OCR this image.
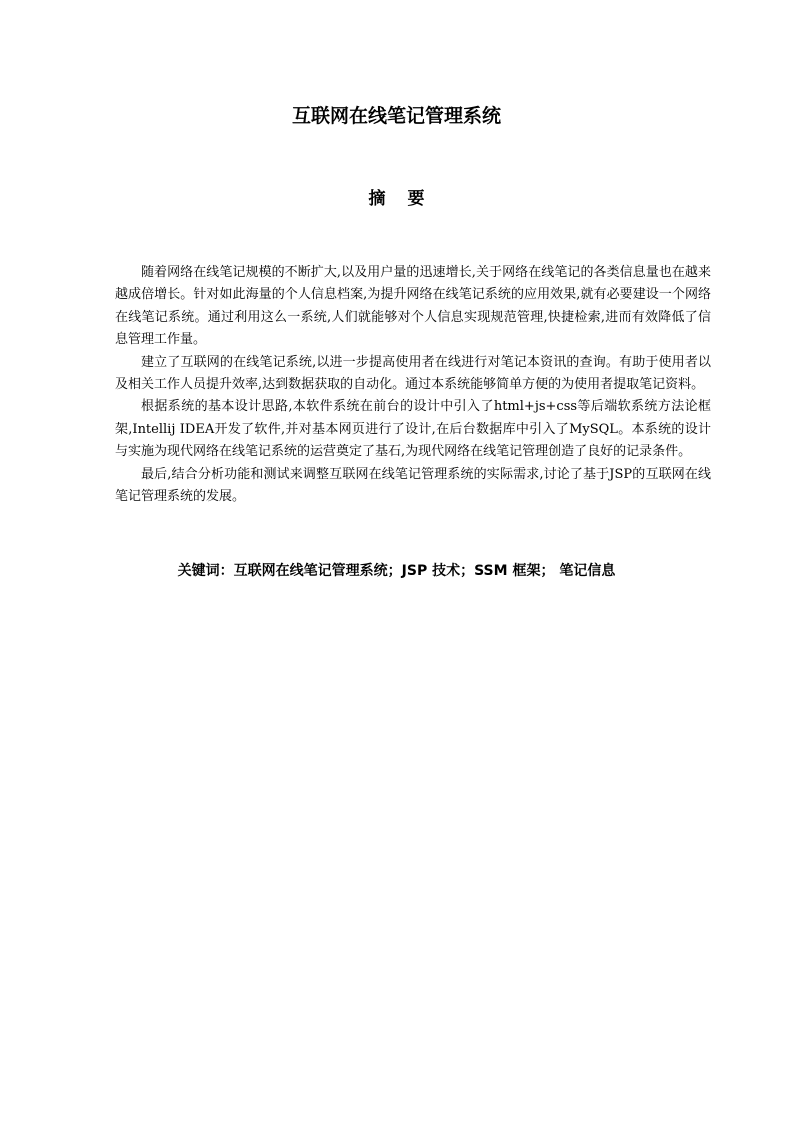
互联网在线笔记管理系统
摘要

随着网络在线笔记规模的不断扩大,以及用户量的迅速增长,关于网络在线笔记的各类信息量也在越来越成倍增长。针对如此海量的个人信息档案,为提升网络在线笔记系统的应用效果,就有必要建设一个网络在线笔记系统。通过利用这么一系统,人们就能够对个人信息实现规范管理,快捷检索,进而有效降低了信息管理工作量。

建立了互联网的在线笔记系统,以进一步提高使用者在线进行对笔记本资讯的查询。有助于使用者以及相关工作人员提升效率,达到数据获取的自动化。通过本系统能够简单方便的为使用者提取笔记资料。

根据系统的基本设计思路,本软件系统在前台的设计中引入了html+js+css等后端软系统方法论框架,Intellij IDEA开发了软件,并对基本网页进行了设计,在后台数据库中引入了MySQL。本系统的设计与实施为现代网络在线笔记系统的运营奠定了基石,为现代网络在线笔记管理创造了良好的记录条件。

最后,结合分析功能和测试来调整互联网在线笔记管理系统的实际需求,讨论了基于JSP的互联网在线笔记管理系统的发展。

关键词：互联网在线笔记管理系统；JSP 技术；SSM 框架； 笔记信息
